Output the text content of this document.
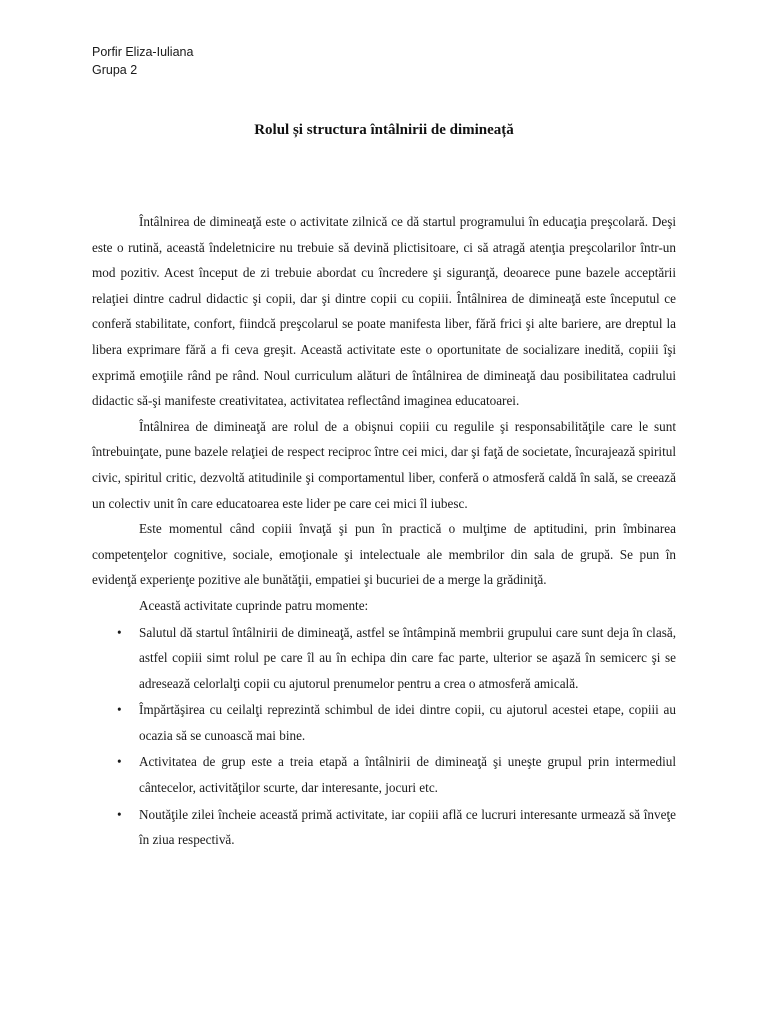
Porfir Eliza-Iuliana
Grupa 2
Rolul și structura întâlnirii de dimineață

Întâlnirea de dimineaţă este o activitate zilnică ce dă startul programului în educaţia preşcolară. Deşi este o rutină, această îndeletnicire nu trebuie să devină plictisitoare, ci să atragă atenţia preşcolarilor într-un mod pozitiv. Acest început de zi trebuie abordat cu încredere şi siguranţă, deoarece pune bazele acceptării relaţiei dintre cadrul didactic şi copii, dar şi dintre copii cu copiii. Întâlnirea de dimineaţă este începutul ce conferă stabilitate, confort, fiindcă preşcolarul se poate manifesta liber, fără frici şi alte bariere, are dreptul la libera exprimare fără a fi ceva greşit. Această activitate este o oportunitate de socializare inedită, copiii îşi exprimă emoţiile rând pe rând. Noul curriculum alături de întâlnirea de dimineaţă dau posibilitatea cadrului didactic să-şi manifeste creativitatea, activitatea reflectând imaginea educatoarei.

Întâlnirea de dimineaţă are rolul de a obişnui copiii cu regulile şi responsabilităţile care le sunt întrebuinţate, pune bazele relaţiei de respect reciproc între cei mici, dar şi faţă de societate, încurajează spiritul civic, spiritul critic, dezvoltă atitudinile şi comportamentul liber, conferă o atmosferă caldă în sală, se creează un colectiv unit în care educatoarea este lider pe care cei mici îl iubesc.

Este momentul când copiii învaţă şi pun în practică o mulţime de aptitudini, prin îmbinarea competenţelor cognitive, sociale, emoţionale şi intelectuale ale membrilor din sala de grupă. Se pun în evidenţă experienţe pozitive ale bunătăţii, empatiei şi bucuriei de a merge la grădiniţă.

Această activitate cuprinde patru momente:

• Salutul dă startul întâlnirii de dimineaţă, astfel se întâmpină membrii grupului care sunt deja în clasă, astfel copiii simt rolul pe care îl au în echipa din care fac parte, ulterior se aşază în semicerc şi se adresează celorlalţi copii cu ajutorul prenumelor pentru a crea o atmosferă amicală.
• Împărtăşirea cu ceilalţi reprezintă schimbul de idei dintre copii, cu ajutorul acestei etape, copiii au ocazia să se cunoască mai bine.
• Activitatea de grup este a treia etapă a întâlnirii de dimineaţă şi uneşte grupul prin intermediul cântecelor, activităţilor scurte, dar interesante, jocuri etc.
• Noutăţile zilei încheie această primă activitate, iar copiii află ce lucruri interesante urmează să înveţe în ziua respectivă.
